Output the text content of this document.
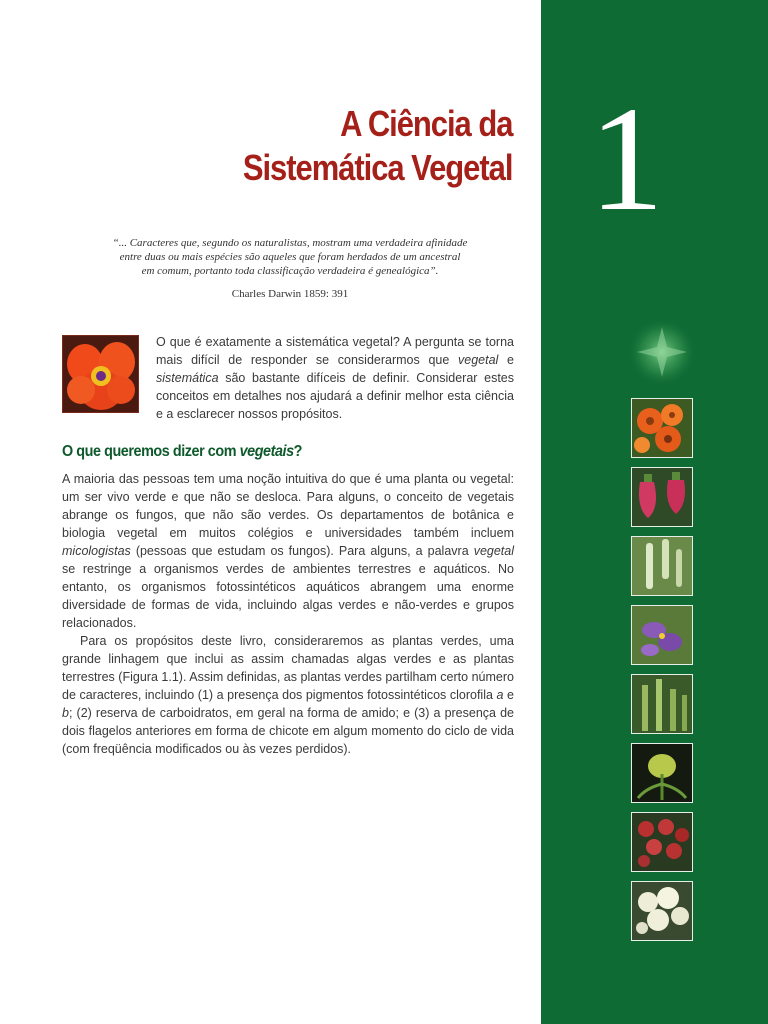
1
A Ciência da
Sistemática Vegetal
“... Caracteres que, segundo os naturalistas, mostram uma verdadeira afinidade
entre duas ou mais espécies são aqueles que foram herdados de um ancestral
em comum, portanto toda classificação verdadeira é genealógica”.
Charles Darwin 1859: 391
O que é exatamente a sistemática vegetal? A pergunta se torna mais difícil de responder se considerarmos que vegetal e sistemática são bastante difíceis de definir. Considerar estes conceitos em detalhes nos ajudará a definir melhor esta ciência e a esclarecer nossos propósitos.
O que queremos dizer com vegetais?

A maioria das pessoas tem uma noção intuitiva do que é uma planta ou vegetal: um ser vivo verde e que não se desloca. Para alguns, o conceito de vegetais abrange os fungos, que não são verdes. Os departamentos de botânica e biologia vegetal em muitos colégios e universidades também incluem micologistas (pessoas que estudam os fungos). Para alguns, a palavra vegetal se restringe a organismos verdes de ambientes terrestres e aquáticos. No entanto, os organismos fotossintéticos aquáticos abrangem uma enorme diversidade de formas de vida, incluindo algas verdes e não-verdes e grupos relacionados.

Para os propósitos deste livro, consideraremos as plantas verdes, uma grande linhagem que inclui as assim chamadas algas verdes e as plantas terrestres (Figura 1.1). Assim definidas, as plantas verdes partilham certo número de caracteres, incluindo (1) a presença dos pigmentos fotossintéticos clorofila a e b; (2) reserva de carboidratos, em geral na forma de amido; e (3) a presença de dois flagelos anteriores em forma de chicote em algum momento do ciclo de vida (com freqüência modificados ou às vezes perdidos).
